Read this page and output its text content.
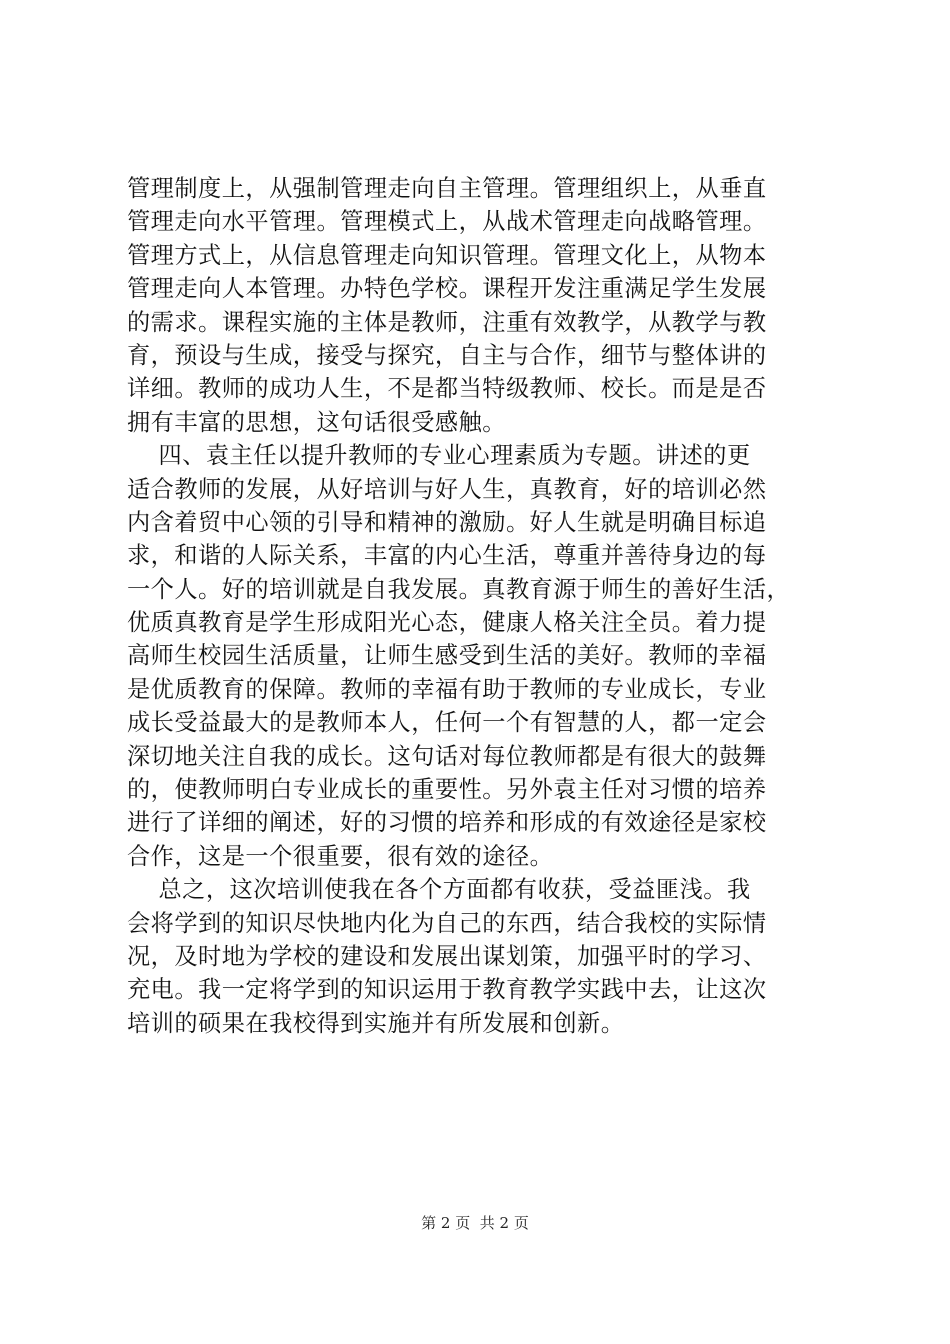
管理制度上，从强制管理走向自主管理。管理组织上，从垂直
管理走向水平管理。管理模式上，从战术管理走向战略管理。
管理方式上，从信息管理走向知识管理。管理文化上，从物本
管理走向人本管理。办特色学校。课程开发注重满足学生发展
的需求。课程实施的主体是教师，注重有效教学，从教学与教
育，预设与生成，接受与探究，自主与合作，细节与整体讲的
详细。教师的成功人生，不是都当特级教师、校长。而是是否
拥有丰富的思想，这句话很受感触。
四、袁主任以提升教师的专业心理素质为专题。讲述的更
适合教师的发展，从好培训与好人生，真教育，好的培训必然
内含着贸中心领的引导和精神的激励。好人生就是明确目标追
求，和谐的人际关系，丰富的内心生活，尊重并善待身边的每
一个人。好的培训就是自我发展。真教育源于师生的善好生活，
优质真教育是学生形成阳光心态，健康人格关注全员。着力提
高师生校园生活质量，让师生感受到生活的美好。教师的幸福
是优质教育的保障。教师的幸福有助于教师的专业成长，专业
成长受益最大的是教师本人，任何一个有智慧的人，都一定会
深切地关注自我的成长。这句话对每位教师都是有很大的鼓舞
的，使教师明白专业成长的重要性。另外袁主任对习惯的培养
进行了详细的阐述，好的习惯的培养和形成的有效途径是家校
合作，这是一个很重要，很有效的途径。
总之，这次培训使我在各个方面都有收获，受益匪浅。我
会将学到的知识尽快地内化为自己的东西，结合我校的实际情
况，及时地为学校的建设和发展出谋划策，加强平时的学习、
充电。我一定将学到的知识运用于教育教学实践中去，让这次
培训的硕果在我校得到实施并有所发展和创新。
第 2 页  共 2 页
